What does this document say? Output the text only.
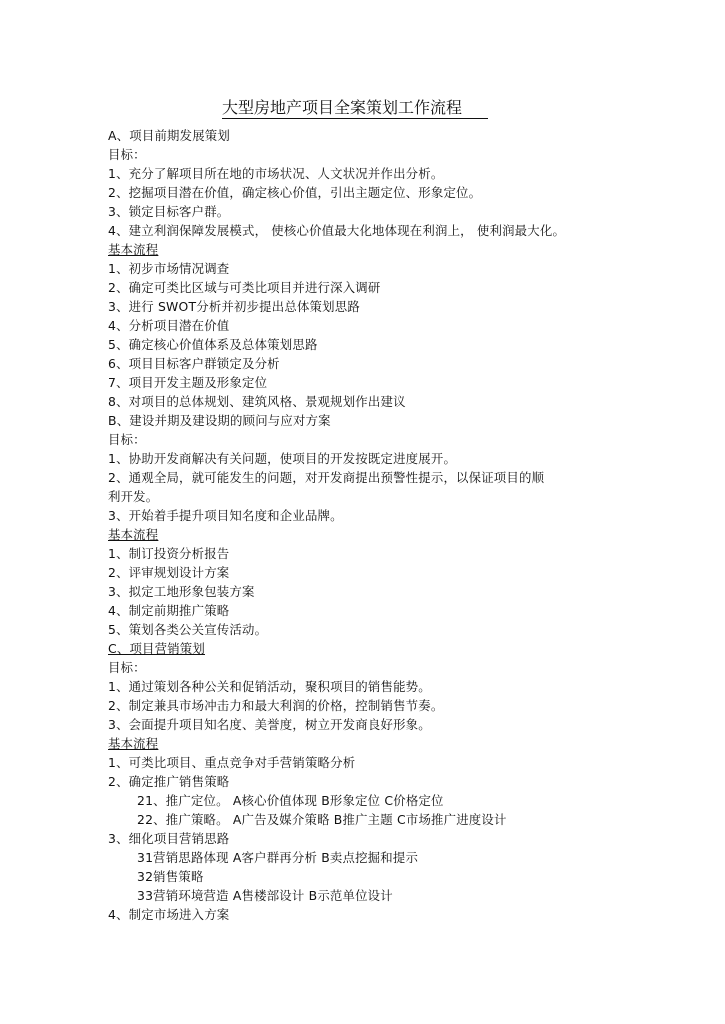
大型房地产项目全案策划工作流程
A、项目前期发展策划
目标：
1、充分了解项目所在地的市场状况、人文状况并作出分析。
2、挖掘项目潜在价值，确定核心价值，引出主题定位、形象定位。
3、锁定目标客户群。
4、建立利润保障发展模式， 使核心价值最大化地体现在利润上， 使利润最大化。
基本流程
1、初步市场情况调查
2、确定可类比区域与可类比项目并进行深入调研
3、进行 SWOT分析并初步提出总体策划思路
4、分析项目潜在价值
5、确定核心价值体系及总体策划思路
6、项目目标客户群锁定及分析
7、项目开发主题及形象定位
8、对项目的总体规划、建筑风格、景观规划作出建议
B、建设并期及建设期的顾问与应对方案
目标：
1、协助开发商解决有关问题，使项目的开发按既定进度展开。
2、通观全局，就可能发生的问题，对开发商提出预警性提示，以保证项目的顺
利开发。
3、开始着手提升项目知名度和企业品牌。
基本流程
1、制订投资分析报告
2、评审规划设计方案
3、拟定工地形象包装方案
4、制定前期推广策略
5、策划各类公关宣传活动。
C、项目营销策划
目标：
1、通过策划各种公关和促销活动，聚积项目的销售能势。
2、制定兼具市场冲击力和最大利润的价格，控制销售节奏。
3、会面提升项目知名度、美誉度，树立开发商良好形象。
基本流程
1、可类比项目、重点竞争对手营销策略分析
2、确定推广销售策略
21、推广定位。 A核心价值体现 B形象定位 C价格定位
22、推广策略。 A广告及媒介策略 B推广主题 C市场推广进度设计
3、细化项目营销思路
31营销思路体现 A客户群再分析 B卖点挖掘和提示
32销售策略
33营销环境营造 A售楼部设计 B示范单位设计
4、制定市场进入方案
